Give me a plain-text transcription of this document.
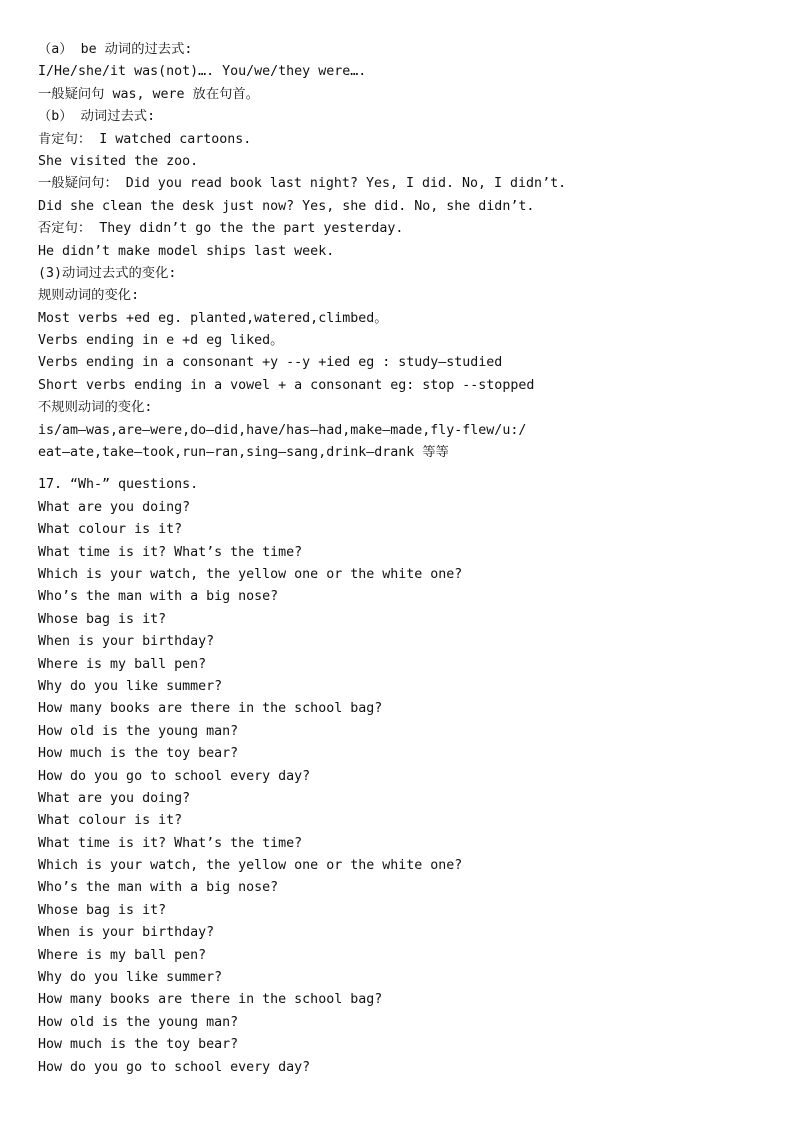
（a） be 动词的过去式:
I/He/she/it was(not)…. You/we/they were….
一般疑问句 was, were 放在句首。
（b） 动词过去式:
肯定句： I watched cartoons.
She visited the zoo.
一般疑问句： Did you read book last night? Yes, I did. No, I didn’t.
Did she clean the desk just now? Yes, she did. No, she didn’t.
否定句： They didn’t go the the part yesterday.
He didn’t make model ships last week.
(3)动词过去式的变化:
规则动词的变化:
Most verbs +ed eg. planted,watered,climbed。
Verbs ending in e +d eg liked。
Verbs ending in a consonant +y --y +ied eg : study—studied
Short verbs ending in a vowel + a consonant eg: stop --stopped
不规则动词的变化:
is/am—was,are—were,do—did,have/has—had,make—made,fly-flew/u:/
eat—ate,take—took,run—ran,sing—sang,drink—drank 等等
17. “Wh-” questions.
What are you doing?
What colour is it?
What time is it? What’s the time?
Which is your watch, the yellow one or the white one?
Who’s the man with a big nose?
Whose bag is it?
When is your birthday?
Where is my ball pen?
Why do you like summer?
How many books are there in the school bag?
How old is the young man?
How much is the toy bear?
How do you go to school every day?
What are you doing?
What colour is it?
What time is it? What’s the time?
Which is your watch, the yellow one or the white one?
Who’s the man with a big nose?
Whose bag is it?
When is your birthday?
Where is my ball pen?
Why do you like summer?
How many books are there in the school bag?
How old is the young man?
How much is the toy bear?
How do you go to school every day?
